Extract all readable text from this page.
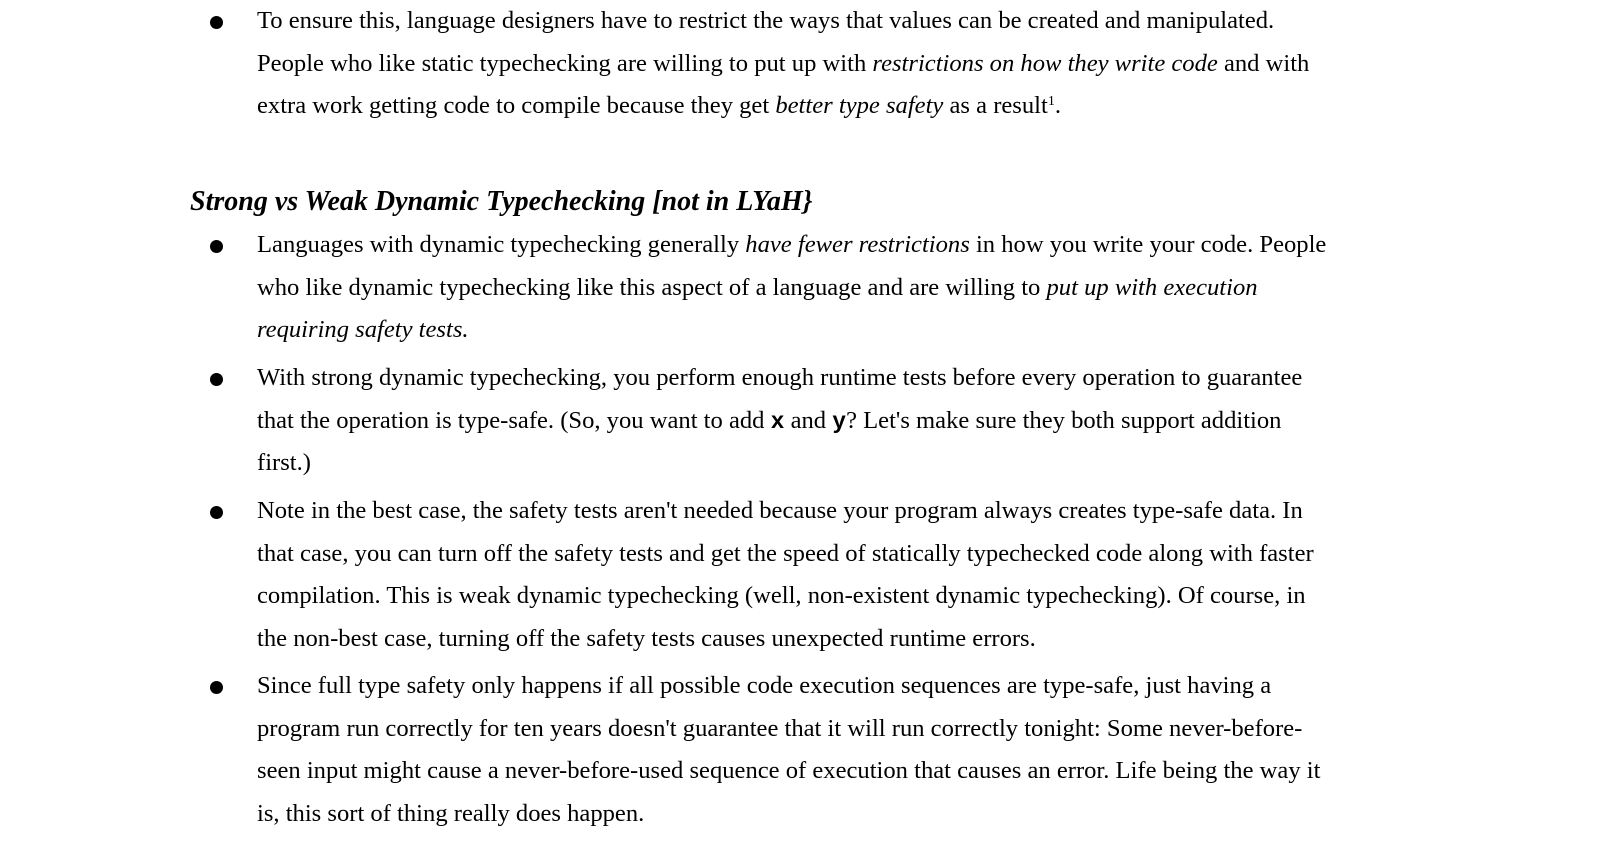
To ensure this, language designers have to restrict the ways that values can be created and manipulated.
People who like static typechecking are willing to put up with restrictions on how they write code and with
extra work getting code to compile because they get better type safety as a result$^1$.
Strong vs Weak Dynamic Typechecking [not in LYaH}
Languages with dynamic typechecking generally have fewer restrictions in how you write your code. People
who like dynamic typechecking like this aspect of a language and are willing to put up with execution
requiring safety tests.
With strong dynamic typechecking, you perform enough runtime tests before every operation to guarantee
that the operation is type-safe. (So, you want to add x and y? Let's make sure they both support addition
first.)
Note in the best case, the safety tests aren't needed because your program always creates type-safe data. In
that case, you can turn off the safety tests and get the speed of statically typechecked code along with faster
compilation. This is weak dynamic typechecking (well, non-existent dynamic typechecking). Of course, in
the non-best case, turning off the safety tests causes unexpected runtime errors.
Since full type safety only happens if all possible code execution sequences are type-safe, just having a
program run correctly for ten years doesn't guarantee that it will run correctly tonight: Some never-before-
seen input might cause a never-before-used sequence of execution that causes an error. Life being the way it
is, this sort of thing really does happen.
